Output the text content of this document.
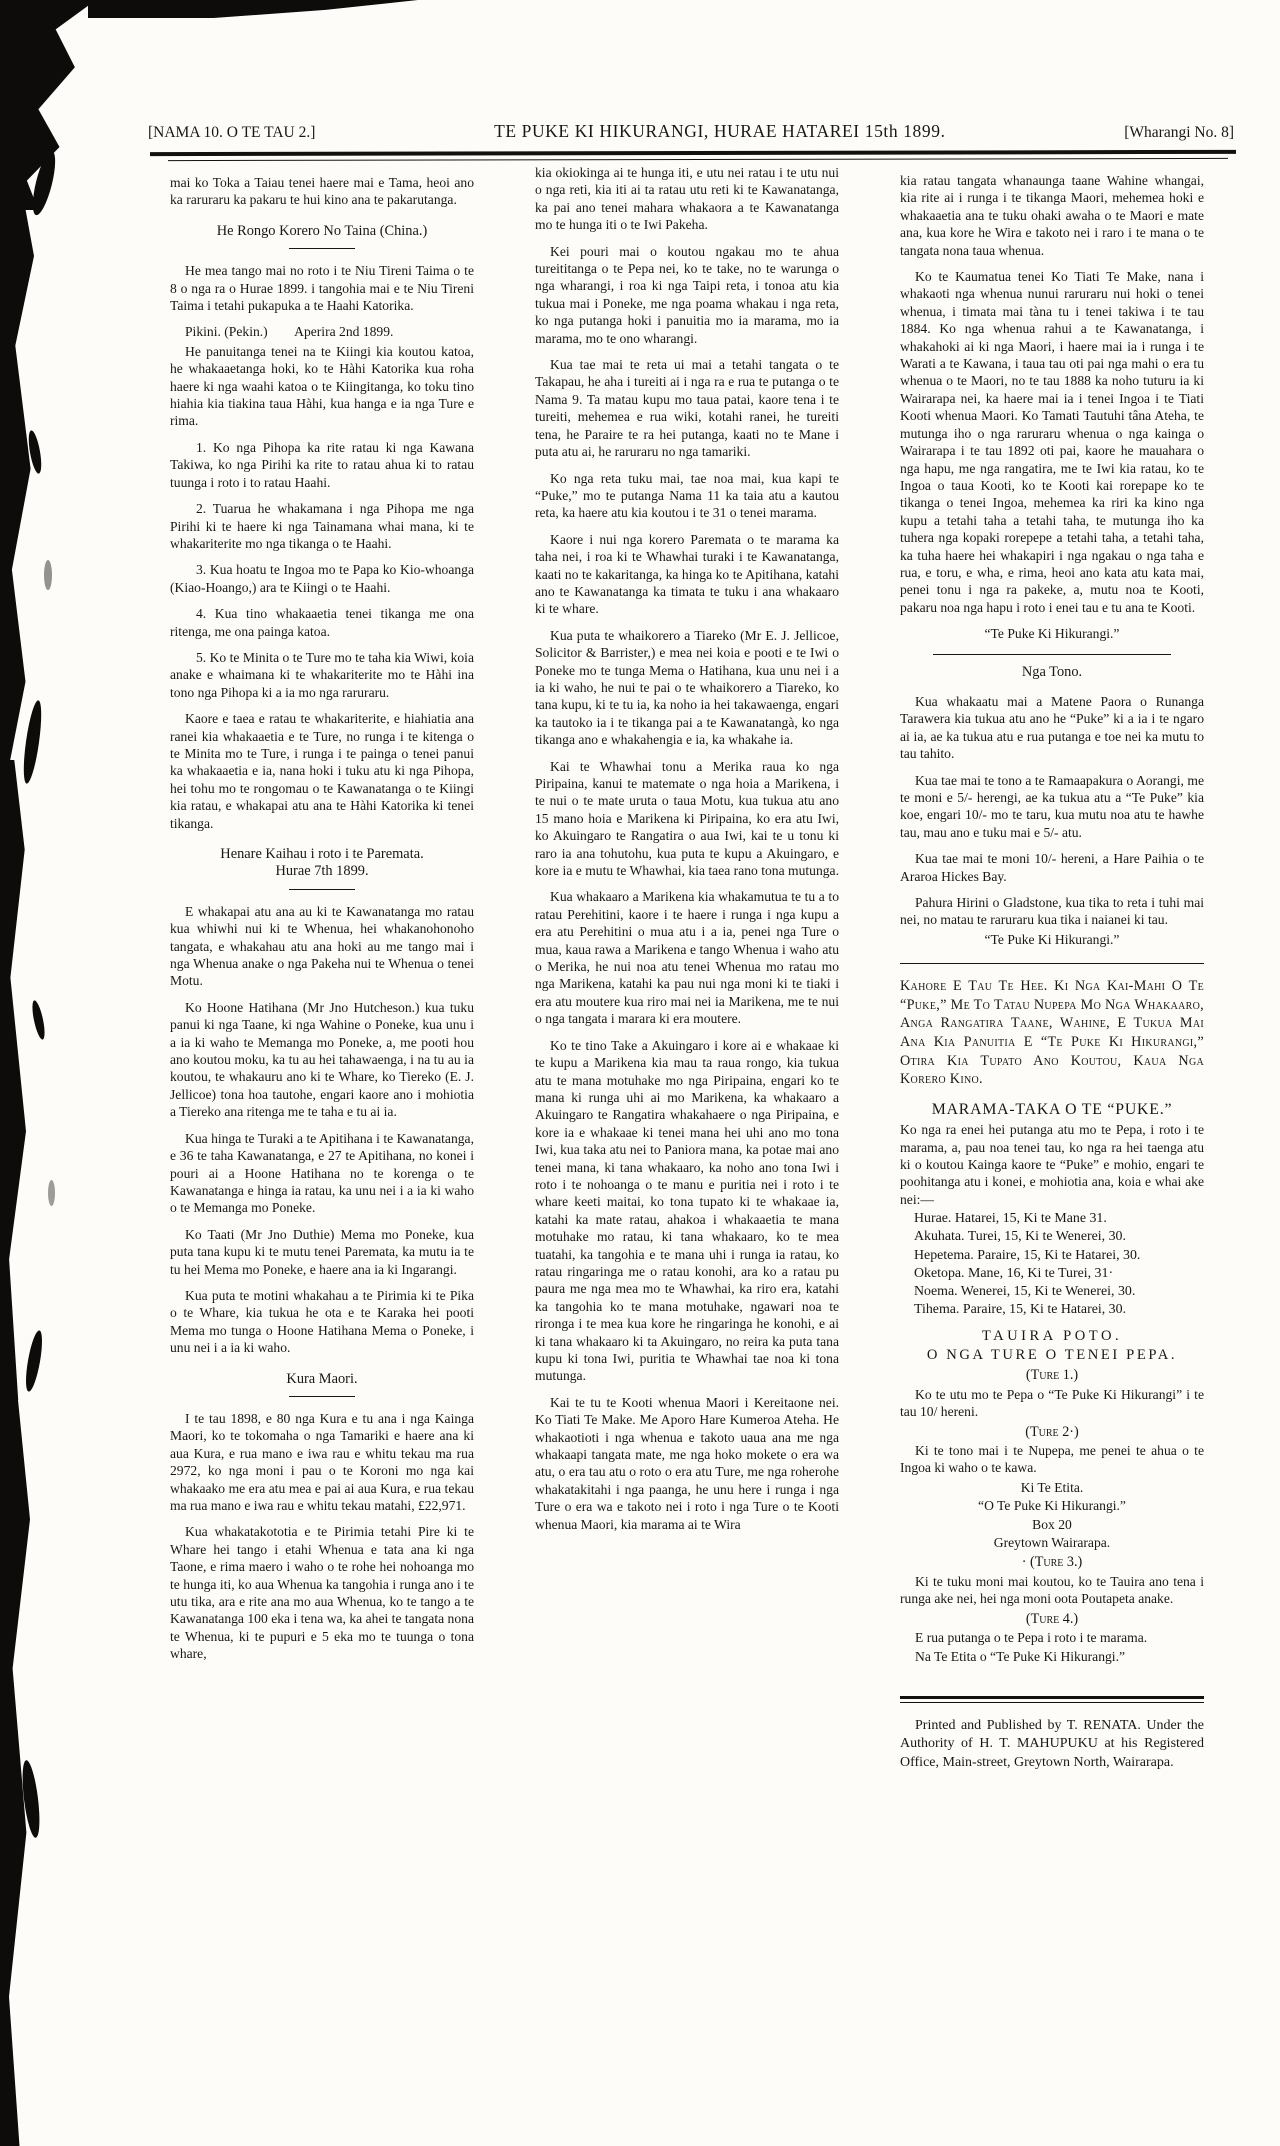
[NAMA 10. O TE TAU 2.]	TE PUKE KI HIKURANGI, HURAE HATAREI 15th 1899.	[Wharangi No. 8]

mai ko Toka a Taiau tenei haere mai e Tama, heoi ano ka raruraru ka pakaru te hui kino ana te pakarutanga.

He Rongo Korero No Taina (China.)

He mea tango mai no roto i te Niu Tireni Taima o te 8 o nga ra o Hurae 1899. i tangohia mai e te Niu Tireni Taima i tetahi pukapuka a te Haahi Katorika.

Pikini. (Pekin.)        Aperira 2nd 1899.

He panuitanga tenei na te Kiingi kia koutou katoa, he whakaaetanga hoki, ko te Hàhi Katorika kua roha haere ki nga waahi katoa o te Kiingitanga, ko toku tino hiahia kia tiakina taua Hàhi, kua hanga e ia nga Ture e rima.

1. Ko nga Pihopa ka rite ratau ki nga Kawana Takiwa, ko nga Pirihi ka rite to ratau ahua ki to ratau tuunga i roto i to ratau Haahi.

2. Tuarua he whakamana i nga Pihopa me nga Pirihi ki te haere ki nga Tainamana whai mana, ki te whakariterite mo nga tikanga o te Haahi.

3. Kua hoatu te Ingoa mo te Papa ko Kio-whoanga (Kiao-Hoango,) ara te Kiingi o te Haahi.

4. Kua tino whakaaetia tenei tikanga me ona ritenga, me ona painga katoa.

5. Ko te Minita o te Ture mo te taha kia Wiwi, koia anake e whaimana ki te whakariterite mo te Hàhi ina tono nga Pihopa ki a ia mo nga raruraru.

Kaore e taea e ratau te whakariterite, e hiahiatia ana ranei kia whakaaetia e te Ture, no runga i te kitenga o te Minita mo te Ture, i runga i te painga o tenei panui ka whakaaetia e ia, nana hoki i tuku atu ki nga Pihopa, hei tohu mo te rongomau o te Kawanatanga o te Kiingi kia ratau, e whakapai atu ana te Hàhi Katorika ki tenei tikanga.

Henare Kaihau i roto i te Paremata.
Hurae 7th 1899.

E whakapai atu ana au ki te Kawanatanga mo ratau kua whiwhi nui ki te Whenua, hei whakanohonoho tangata, e whakahau atu ana hoki au me tango mai i nga Whenua anake o nga Pakeha nui te Whenua o tenei Motu.

Ko Hoone Hatihana (Mr Jno Hutcheson.) kua tuku panui ki nga Taane, ki nga Wahine o Poneke, kua unu i a ia ki waho te Memanga mo Poneke, a, me pooti hou ano koutou moku, ka tu au hei tahawaenga, i na tu au ia koutou, te whakauru ano ki te Whare, ko Tiereko (E. J. Jellicoe) tona hoa tautohe, engari kaore ano i mohiotia a Tiereko ana ritenga me te taha e tu ai ia.

Kua hinga te Turaki a te Apitihana i te Kawanatanga, e 36 te taha Kawanatanga, e 27 te Apitihana, no konei i pouri ai a Hoone Hatihana no te korenga o te Kawanatanga e hinga ia ratau, ka unu nei i a ia ki waho o te Memanga mo Poneke.

Ko Taati (Mr Jno Duthie) Mema mo Poneke, kua puta tana kupu ki te mutu tenei Paremata, ka mutu ia te tu hei Mema mo Poneke, e haere ana ia ki Ingarangi.

Kua puta te motini whakahau a te Pirimia ki te Pika o te Whare, kia tukua he ota e te Karaka hei pooti Mema mo tunga o Hoone Hatihana Mema o Poneke, i unu nei i a ia ki waho.

Kura Maori.

I te tau 1898, e 80 nga Kura e tu ana i nga Kainga Maori, ko te tokomaha o nga Tamariki e haere ana ki aua Kura, e rua mano e iwa rau e whitu tekau ma rua 2972, ko nga moni i pau o te Koroni mo nga kai whakaako me era atu mea e pai ai aua Kura, e rua tekau ma rua mano e iwa rau e whitu tekau matahi, £22,971.

Kua whakatakototia e te Pirimia tetahi Pire ki te Whare hei tango i etahi Whenua e tata ana ki nga Taone, e rima maero i waho o te rohe hei nohoanga mo te hunga iti, ko aua Whenua ka tangohia i runga ano i te utu tika, ara e rite ana mo aua Whenua, ko te tango a te Kawanatanga 100 eka i tena wa, ka ahei te tangata nona te Whenua, ki te pupuri e 5 eka mo te tuunga o tona whare,

kia okiokinga ai te hunga iti, e utu nei ratau i te utu nui o nga reti, kia iti ai ta ratau utu reti ki te Kawanatanga, ka pai ano tenei mahara whakaora a te Kawanatanga mo te hunga iti o te Iwi Pakeha.

Kei pouri mai o koutou ngakau mo te ahua tureititanga o te Pepa nei, ko te take, no te warunga o nga wharangi, i roa ki nga Taipi reta, i tonoa atu kia tukua mai i Poneke, me nga poama whakau i nga reta, ko nga putanga hoki i panuitia mo ia marama, mo ia marama, mo te ono wharangi.

Kua tae mai te reta ui mai a tetahi tangata o te Takapau, he aha i tureiti ai i nga ra e rua te putanga o te Nama 9. Ta matau kupu mo taua patai, kaore tena i te tureiti, mehemea e rua wiki, kotahi ranei, he tureiti tena, he Paraire te ra hei putanga, kaati no te Mane i puta atu ai, he raruraru no nga tamariki.

Ko nga reta tuku mai, tae noa mai, kua kapi te “Puke,” mo te putanga Nama 11 ka taia atu a kautou reta, ka haere atu kia koutou i te 31 o tenei marama.

Kaore i nui nga korero Paremata o te marama ka taha nei, i roa ki te Whawhai turaki i te Kawanatanga, kaati no te kakaritanga, ka hinga ko te Apitihana, katahi ano te Kawanatanga ka timata te tuku i ana whakaaro ki te whare.

Kua puta te whaikorero a Tiareko (Mr E. J. Jellicoe, Solicitor & Barrister,) e mea nei koia e pooti e te Iwi o Poneke mo te tunga Mema o Hatihana, kua unu nei i a ia ki waho, he nui te pai o te whaikorero a Tiareko, ko tana kupu, ki te tu ia, ka noho ia hei takawaenga, engari ka tautoko ia i te tikanga pai a te Kawanatangà, ko nga tikanga ano e whakahengia e ia, ka whakahe ia.

Kai te Whawhai tonu a Merika raua ko nga Piripaina, kanui te matemate o nga hoia a Marikena, i te nui o te mate uruta o taua Motu, kua tukua atu ano 15 mano hoia e Marikena ki Piripaina, ko era atu Iwi, ko Akuingaro te Rangatira o aua Iwi, kai te u tonu ki raro ia ana tohutohu, kua puta te kupu a Akuingaro, e kore ia e mutu te Whawhai, kia taea rano tona mutunga.

Kua whakaaro a Marikena kia whakamutua te tu a to ratau Perehitini, kaore i te haere i runga i nga kupu a era atu Perehitini o mua atu i a ia, penei nga Ture o mua, kaua rawa a Marikena e tango Whenua i waho atu o Merika, he nui noa atu tenei Whenua mo ratau mo nga Marikena, katahi ka pau nui nga moni ki te tiaki i era atu moutere kua riro mai nei ia Marikena, me te nui o nga tangata i marara ki era moutere.

Ko te tino Take a Akuingaro i kore ai e whakaae ki te kupu a Marikena kia mau ta raua rongo, kia tukua atu te mana motuhake mo nga Piripaina, engari ko te mana ki runga uhi ai mo Marikena, ka whakaaro a Akuingaro te Rangatira whakahaere o nga Piripaina, e kore ia e whakaae ki tenei mana hei uhi ano mo tona Iwi, kua taka atu nei to Paniora mana, ka potae mai ano tenei mana, ki tana whakaaro, ka noho ano tona Iwi i roto i te nohoanga o te manu e puritia nei i roto i te whare keeti maitai, ko tona tupato ki te whakaae ia, katahi ka mate ratau, ahakoa i whakaaetia te mana motuhake mo ratau, ki tana whakaaro, ko te mea tuatahi, ka tangohia e te mana uhi i runga ia ratau, ko ratau ringaringa me o ratau konohi, ara ko a ratau pu paura me nga mea mo te Whawhai, ka riro era, katahi ka tangohia ko te mana motuhake, ngawari noa te rironga i te mea kua kore he ringaringa he konohi, e ai ki tana whakaaro ki ta Akuingaro, no reira ka puta tana kupu ki tona Iwi, puritia te Whawhai tae noa ki tona mutunga.

Kai te tu te Kooti whenua Maori i Kereitaone nei. Ko Tiati Te Make. Me Aporo Hare Kumeroa Ateha. He whakaotioti i nga whenua e takoto uaua ana me nga whakaapi tangata mate, me nga hoko mokete o era wa atu, o era tau atu o roto o era atu Ture, me nga roherohe whakatakitahi i nga paanga, he unu here i runga i nga Ture o era wa e takoto nei i roto i nga Ture o te Kooti whenua Maori, kia marama ai te Wira

kia ratau tangata whanaunga taane Wahine whangai, kia rite ai i runga i te tikanga Maori, mehemea hoki e whakaaetia ana te tuku ohaki awaha o te Maori e mate ana, kua kore he Wira e takoto nei i raro i te mana o te tangata nona taua whenua.

Ko te Kaumatua tenei Ko Tiati Te Make, nana i whakaoti nga whenua nunui raruraru nui hoki o tenei whenua, i timata mai tàna tu i tenei takiwa i te tau 1884. Ko nga whenua rahui a te Kawanatanga, i whakahoki ai ki nga Maori, i haere mai ia i runga i te Warati a te Kawana, i taua tau oti pai nga mahi o era tu whenua o te Maori, no te tau 1888 ka noho tuturu ia ki Wairarapa nei, ka haere mai ia i tenei Ingoa i te Tiati Kooti whenua Maori. Ko Tamati Tautuhi tâna Ateha, te mutunga iho o nga raruraru whenua o nga kainga o Wairarapa i te tau 1892 oti pai, kaore he mauahara o nga hapu, me nga rangatira, me te Iwi kia ratau, ko te Ingoa o taua Kooti, ko te Kooti kai rorepape ko te tikanga o tenei Ingoa, mehemea ka riri ka kino nga kupu a tetahi taha a tetahi taha, te mutunga iho ka tuhera nga kopaki rorepepe a tetahi taha, a tetahi taha, ka tuha haere hei whakapiri i nga ngakau o nga taha e rua, e toru, e wha, e rima, heoi ano kata atu kata mai, penei tonu i nga ra pakeke, a, mutu noa te Kooti, pakaru noa nga hapu i roto i enei tau e tu ana te Kooti.

“Te Puke Ki Hikurangi.”
Nga Tono.

Kua whakaatu mai a Matene Paora o Runanga Tarawera kia tukua atu ano he “Puke” ki a ia i te ngaro ai ia, ae ka tukua atu e rua putanga e toe nei ka mutu to tau tahito.

Kua tae mai te tono a te Ramaapakura o Aorangi, me te moni e 5/- herengi, ae ka tukua atu a “Te Puke” kia koe, engari 10/- mo te taru, kua mutu noa atu te hawhe tau, mau ano e tuku mai e 5/- atu.

Kua tae mai te moni 10/- hereni, a Hare Paihia o te Araroa Hickes Bay.

Pahura Hirini o Gladstone, kua tika to reta i tuhi mai nei, no matau te raruraru kua tika i naianei ki tau.

“Te Puke Ki Hikurangi.”

Kahore E Tau Te Hee. Ki Nga Kai-Mahi O Te “Puke,” Me To Tatau Nupepa Mo Nga Whakaaro, Anga Rangatira Taane, Wahine, E Tukua Mai Ana Kia Panuitia E “Te Puke Ki Hikurangi,” Otira Kia Tupato Ano Koutou, Kaua Nga Korero Kino.

MARAMA-TAKA O TE “PUKE.”

Ko nga ra enei hei putanga atu mo te Pepa, i roto i te marama, a, pau noa tenei tau, ko nga ra hei taenga atu ki o koutou Kainga kaore te “Puke” e mohio, engari te poohitanga atu i konei, e mohiotia ana, koia e whai ake nei:—

Hurae. Hatarei, 15, Ki te Mane 31.
Akuhata. Turei, 15, Ki te Wenerei, 30.
Hepetema. Paraire, 15, Ki te Hatarei, 30.
Oketopa. Mane, 16, Ki te Turei, 31·
Noema. Wenerei, 15, Ki te Wenerei, 30.
Tihema. Paraire, 15, Ki te Hatarei, 30.
TAUIRA POTO.
O NGA TURE O TENEI PEPA.
(Ture 1.)

Ko te utu mo te Pepa o “Te Puke Ki Hikurangi” i te tau 10/ hereni.

(Ture 2·)

Ki te tono mai i te Nupepa, me penei te ahua o te Ingoa ki waho o te kawa.

Ki Te Etita.
“O Te Puke Ki Hikurangi.”
Box 20
Greytown Wairarapa.
· (Ture 3.)

Ki te tuku moni mai koutou, ko te Tauira ano tena i runga ake nei, hei nga moni oota Poutapeta anake.

(Ture 4.)

E rua putanga o te Pepa i roto i te marama.

Na Te Etita o “Te Puke Ki Hikurangi.”

Printed and Published by T. RENATA. Under the Authority of H. T. MAHUPUKU at his Registered Office, Main-street, Greytown North, Wairarapa.
